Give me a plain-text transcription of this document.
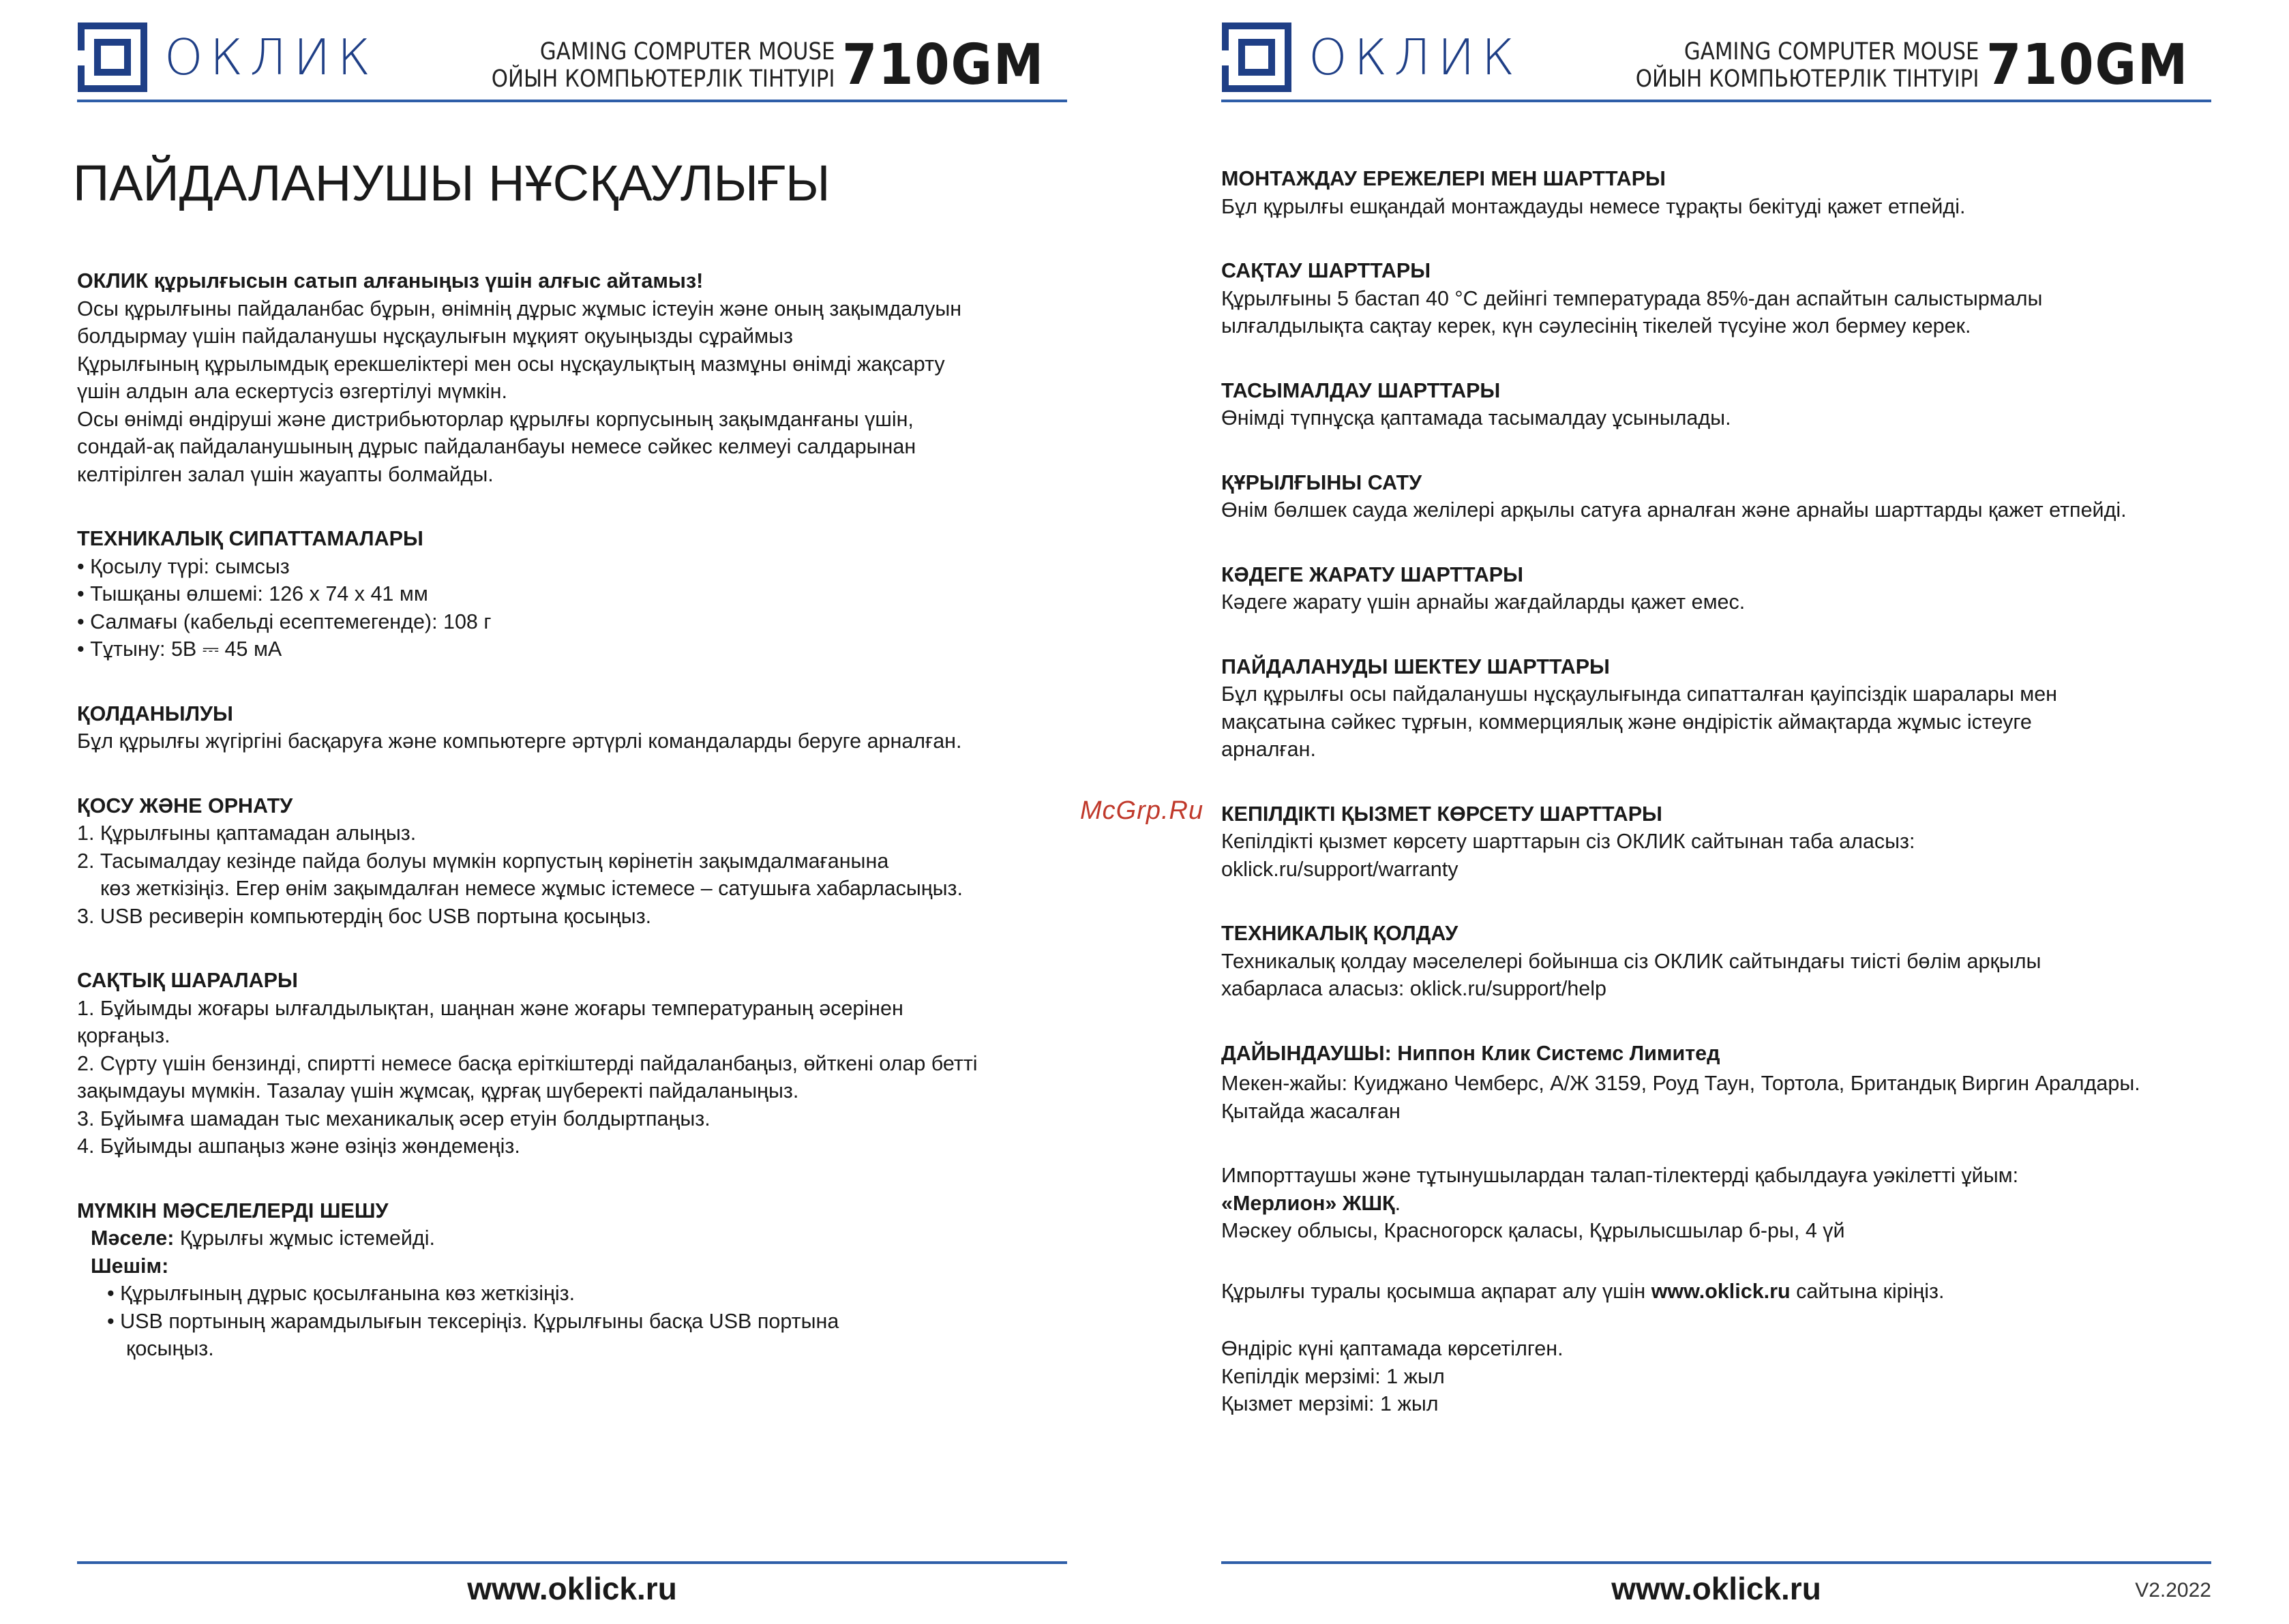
ОКЛИК	GAMING COMPUTER MOUSE
ОЙЫН КОМПЬЮТЕРЛІК ТІНТУІРІ 710GM
ПАЙДАЛАНУШЫ НҰСҚАУЛЫҒЫ
ОКЛИК құрылғысын сатып алғаныңыз үшін алғыс айтамыз!

Осы құрылғыны пайдаланбас бұрын, өнімнің дұрыс жұмыс істеуін және оның зақымдалуын

болдырмау үшін пайдаланушы нұсқаулығын мұқият оқуыңызды сұраймыз

Құрылғының құрылымдық ерекшеліктері мен осы нұсқаулықтың мазмұны өнімді жақсарту

үшін алдын ала ескертусіз өзгертілуі мүмкін.

Осы өнімді өндіруші және дистрибьюторлар құрылғы корпусының зақымданғаны үшін,

сондай-ақ пайдаланушының дұрыс пайдаланбауы немесе сәйкес келмеуі салдарынан

келтірілген залал үшін жауапты болмайды.

ТЕХНИКАЛЫҚ СИПАТТАМАЛАРЫ

• Қосылу түрі: сымсыз

• Тышқаны өлшемі: 126 x 74 x 41 мм

• Салмағы (кабельді есептемегенде): 108 г

• Тұтыну: 5В ⎓ 45 мА

ҚОЛДАНЫЛУЫ

Бұл құрылғы жүгіргіні басқаруға және компьютерге әртүрлі командаларды беруге арналған.

ҚОСУ ЖӘНЕ ОРНАТУ

1. Құрылғыны қаптамадан алыңыз.

2. Тасымалдау кезінде пайда болуы мүмкін корпустың көрінетін зақымдалмағанына

көз жеткізіңіз. Егер өнім зақымдалған немесе жұмыс істемесе – сатушыға хабарласыңыз.

3. USB ресиверін компьютердің бос USB портына қосыңыз.

САҚТЫҚ ШАРАЛАРЫ

1. Бұйымды жоғары ылғалдылықтан, шаңнан және жоғары температураның әсерінен

қорғаңыз.

2. Сүрту үшін бензинді, спиртті немесе басқа еріткіштерді пайдаланбаңыз, өйткені олар бетті

зақымдауы мүмкін. Тазалау үшін жұмсақ, құрғақ шүберекті пайдаланыңыз.

3. Бұйымға шамадан тыс механикалық әсер етуін болдыртпаңыз.

4. Бұйымды ашпаңыз және өзіңіз жөндемеңіз.

МҮМКІН МӘСЕЛЕЛЕРДІ ШЕШУ

Мәселе: Құрылғы жұмыс істемейді.

Шешім:

• Құрылғының дұрыс қосылғанына көз жеткізіңіз.

• USB портының жарамдылығын тексеріңіз. Құрылғыны басқа USB портына

қосыңыз.

www.oklick.ru
ОКЛИК	GAMING COMPUTER MOUSE
ОЙЫН КОМПЬЮТЕРЛІК ТІНТУІРІ 710GM
МОНТАЖДАУ ЕРЕЖЕЛЕРІ МЕН ШАРТТАРЫ

Бұл құрылғы ешқандай монтаждауды немесе тұрақты бекітуді қажет етпейді.

САҚТАУ ШАРТТАРЫ

Құрылғыны 5 бастап 40 °C дейінгі температурада 85%-дан аспайтын салыстырмалы

ылғалдылықта сақтау керек, күн сәулесінің тікелей түсуіне жол бермеу керек.

ТАСЫМАЛДАУ ШАРТТАРЫ

Өнімді түпнұсқа қаптамада тасымалдау ұсынылады.

ҚҰРЫЛҒЫНЫ САТУ

Өнім бөлшек сауда желілері арқылы сатуға арналған және арнайы шарттарды қажет етпейді.

КӘДЕГЕ ЖАРАТУ ШАРТТАРЫ

Кәдеге жарату үшін арнайы жағдайларды қажет емес.

ПАЙДАЛАНУДЫ ШЕКТЕУ ШАРТТАРЫ

Бұл құрылғы осы пайдаланушы нұсқаулығында сипатталған қауіпсіздік шаралары мен

мақсатына сәйкес тұрғын, коммерциялық және өндірістік аймақтарда жұмыс істеуге

арналған.

КЕПІЛДІКТІ ҚЫЗМЕТ КӨРСЕТУ ШАРТТАРЫ

Кепілдікті қызмет көрсету шарттарын сіз ОКЛИК сайтынан таба аласыз:

oklick.ru/support/warranty

ТЕХНИКАЛЫҚ ҚОЛДАУ

Техникалық қолдау мәселелері бойынша сіз ОКЛИК сайтындағы тиісті бөлім арқылы

хабарласа аласыз: oklick.ru/support/help

ДАЙЫНДАУШЫ: Ниппон Клик Системс Лимитед

Мекен-жайы: Куиджано Чемберс, А/Ж 3159, Роуд Таун, Тортола, Британдық Виргин Аралдары.

Қытайда жасалған

Импорттаушы және тұтынушылардан талап-тілектерді қабылдауға уәкілетті ұйым:

«Мерлион» ЖШҚ.

Мәскеу облысы, Красногорск қаласы, Құрылысшылар б-ры, 4 үй

Құрылғы туралы қосымша ақпарат алу үшін www.oklick.ru сайтына кіріңіз.

Өндіріс күні қаптамада көрсетілген.

Кепілдік мерзімі: 1 жыл

Қызмет мерзімі: 1 жыл

www.oklick.ru	V2.2022
McGrp.Ru
